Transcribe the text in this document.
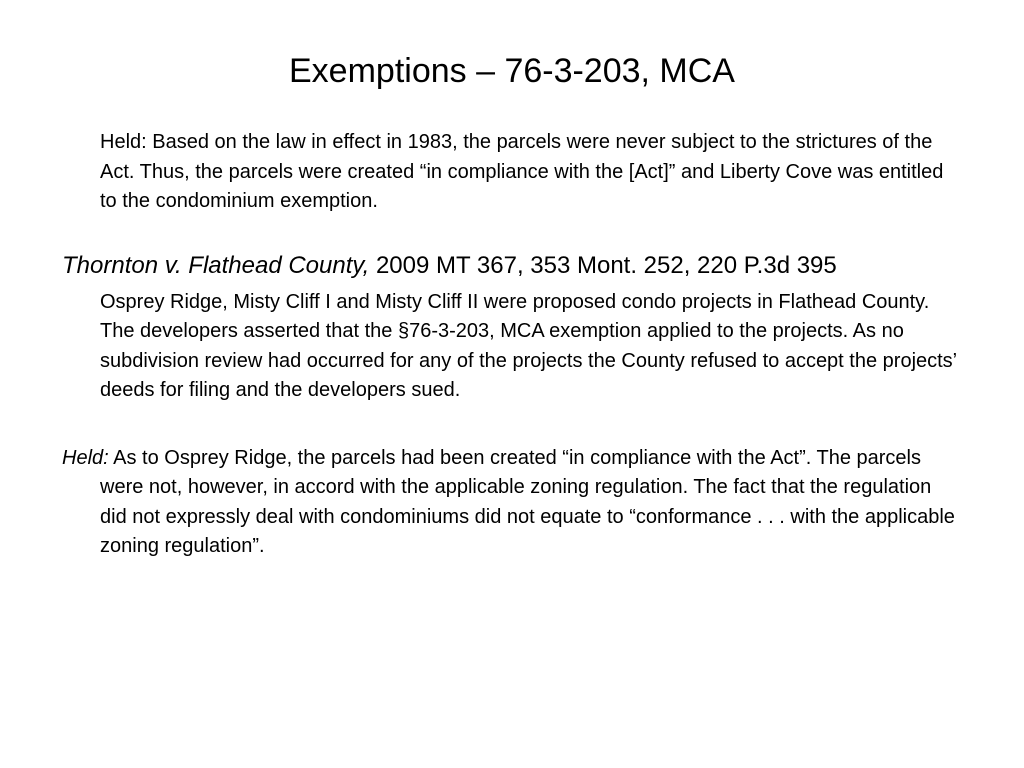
Exemptions – 76-3-203, MCA

Held: Based on the law in effect in 1983, the parcels were never subject to the strictures of the Act. Thus, the parcels were created “in compliance with the [Act]” and Liberty Cove was entitled to the condominium exemption.

Thornton v. Flathead County, 2009 MT 367, 353 Mont. 252, 220 P.3d 395

Osprey Ridge, Misty Cliff I and Misty Cliff II were proposed condo projects in Flathead County. The developers asserted that the §76-3-203, MCA exemption applied to the projects. As no subdivision review had occurred for any of the projects the County refused to accept the projects’ deeds for filing and the developers sued.

Held: As to Osprey Ridge, the parcels had been created “in compliance with the Act”. The parcels were not, however, in accord with the applicable zoning regulation. The fact that the regulation did not expressly deal with condominiums did not equate to “conformance . . . with the applicable zoning regulation”.
